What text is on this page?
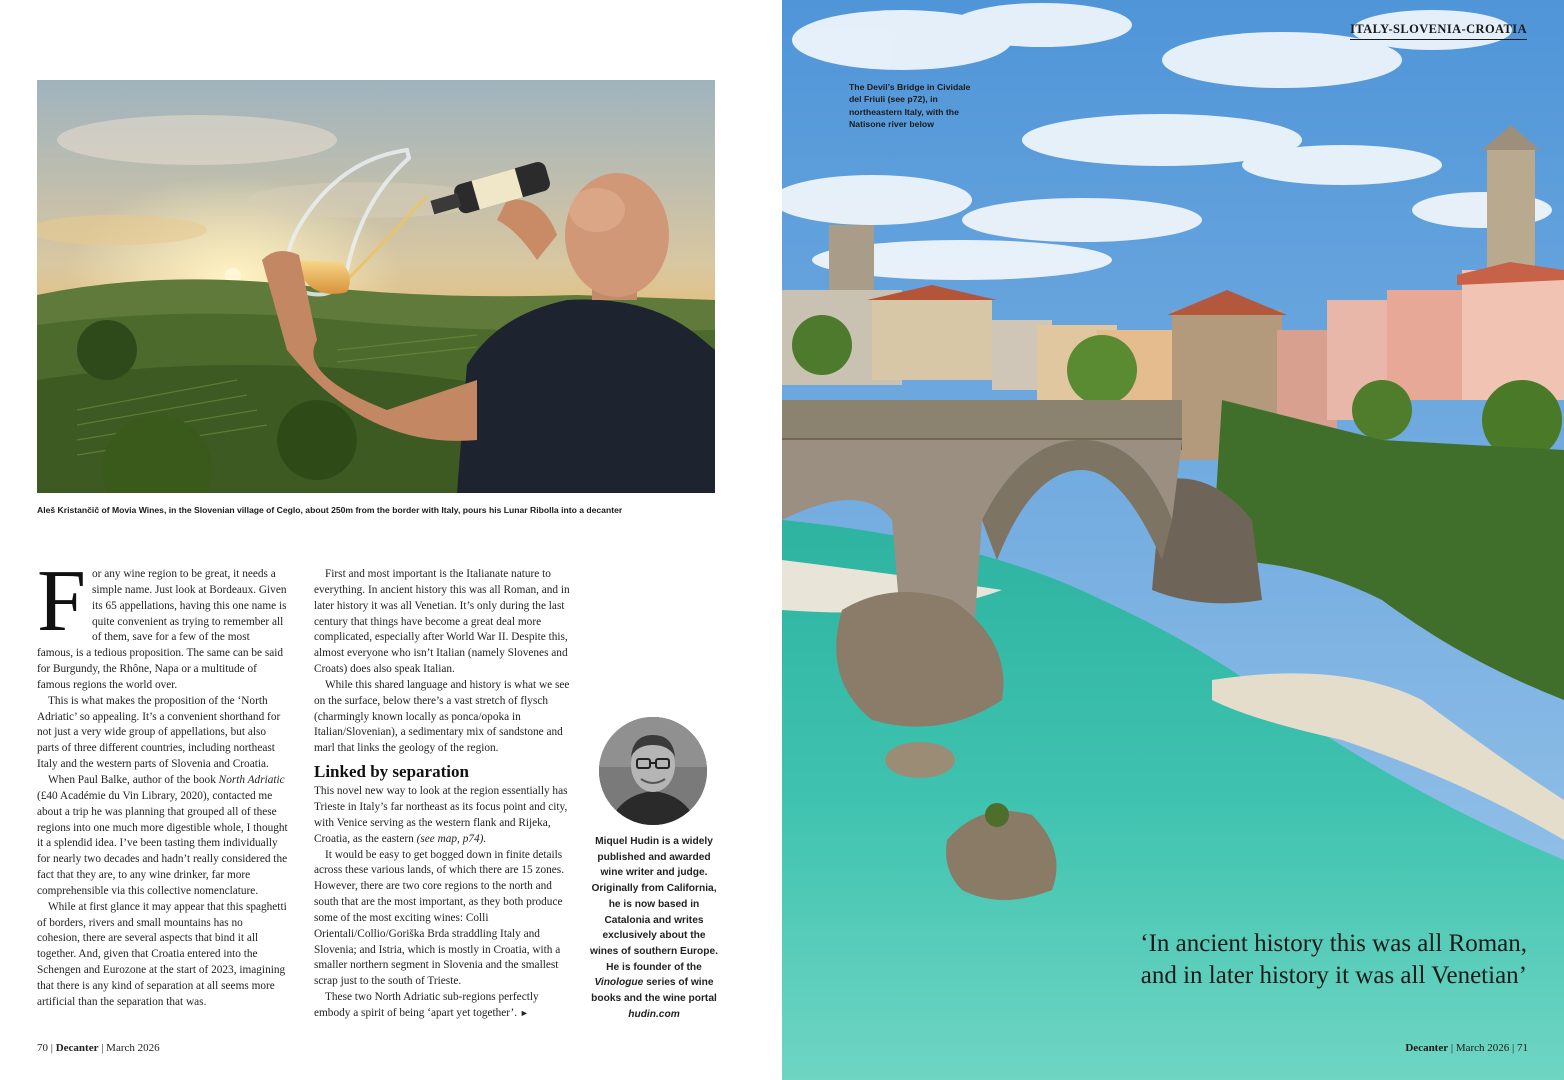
Aleš Kristančič of Movia Wines, in the Slovenian village of Ceglo, about 250m from the border with Italy, pours his Lunar Ribolla into a decanter

For any wine region to be great, it needs a simple name. Just look at Bordeaux. Given its 65 appellations, having this one name is quite convenient as trying to remember all of them, save for a few of the most famous, is a tedious proposition. The same can be said for Burgundy, the Rhône, Napa or a multitude of famous regions the world over.

This is what makes the proposition of the ‘North Adriatic’ so appealing. It’s a convenient shorthand for not just a very wide group of appellations, but also parts of three different countries, including northeast Italy and the western parts of Slovenia and Croatia.

When Paul Balke, author of the book North Adriatic (£40 Académie du Vin Library, 2020), contacted me about a trip he was planning that grouped all of these regions into one much more digestible whole, I thought it a splendid idea. I’ve been tasting them individually for nearly two decades and hadn’t really considered the fact that they are, to any wine drinker, far more comprehensible via this collective nomenclature.

While at first glance it may appear that this spaghetti of borders, rivers and small mountains has no cohesion, there are several aspects that bind it all together. And, given that Croatia entered into the Schengen and Eurozone at the start of 2023, imagining that there is any kind of separation at all seems more artificial than the separation that was.

First and most important is the Italianate nature to everything. In ancient history this was all Roman, and in later history it was all Venetian. It’s only during the last century that things have become a great deal more complicated, especially after World War II. Despite this, almost everyone who isn’t Italian (namely Slovenes and Croats) does also speak Italian.

While this shared language and history is what we see on the surface, below there’s a vast stretch of flysch (charmingly known locally as ponca/opoka in Italian/Slovenian), a sedimentary mix of sandstone and marl that links the geology of the region.

Linked by separation

This novel new way to look at the region essentially has Trieste in Italy’s far northeast as its focus point and city, with Venice serving as the western flank and Rijeka, Croatia, as the eastern (see map, p74).

It would be easy to get bogged down in finite details across these various lands, of which there are 15 zones. However, there are two core regions to the north and south that are the most important, as they both produce some of the most exciting wines: Colli Orientali/Collio/Goriška Brda straddling Italy and Slovenia; and Istria, which is mostly in Croatia, with a smaller northern segment in Slovenia and the smallest scrap just to the south of Trieste.

These two North Adriatic sub-regions perfectly embody a spirit of being ‘apart yet together’. ►

Miquel Hudin is a widely published and awarded wine writer and judge. Originally from California, he is now based in Catalonia and writes exclusively about the wines of southern Europe. He is founder of the Vinologue series of wine books and the wine portal hudin.com
70 | Decanter | March 2026
ITALY-SLOVENIA-CROATIA
The Devil’s Bridge in Cividale del Friuli (see p72), in northeastern Italy, with the Natisone river below
‘In ancient history this was all Roman, and in later history it was all Venetian’
Decanter | March 2026 | 71
